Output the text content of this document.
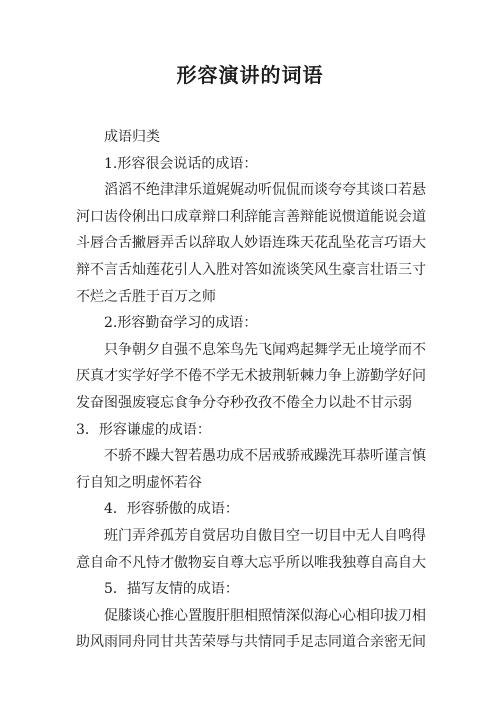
形容演讲的词语
成语归类
1.形容很会说话的成语：
滔滔不绝津津乐道娓娓动听侃侃而谈夸夸其谈口若悬
河口齿伶俐出口成章辩口利辞能言善辩能说惯道能说会道
斗唇合舌撇唇弄舌以辞取人妙语连珠天花乱坠花言巧语大
辩不言舌灿莲花引人入胜对答如流谈笑风生豪言壮语三寸
不烂之舌胜于百万之师
2.形容勤奋学习的成语：
只争朝夕自强不息笨鸟先飞闻鸡起舞学无止境学而不
厌真才实学好学不倦不学无术披荆斩棘力争上游勤学好问
发奋图强废寝忘食争分夺秒孜孜不倦全力以赴不甘示弱
3．形容谦虚的成语：
不骄不躁大智若愚功成不居戒骄戒躁洗耳恭听谨言慎
行自知之明虚怀若谷
4．形容骄傲的成语：
班门弄斧孤芳自赏居功自傲目空一切目中无人自鸣得
意自命不凡恃才傲物妄自尊大忘乎所以唯我独尊自高自大
5．描写友情的成语：
促膝谈心推心置腹肝胆相照情深似海心心相印拔刀相
助风雨同舟同甘共苦荣辱与共情同手足志同道合亲密无间
